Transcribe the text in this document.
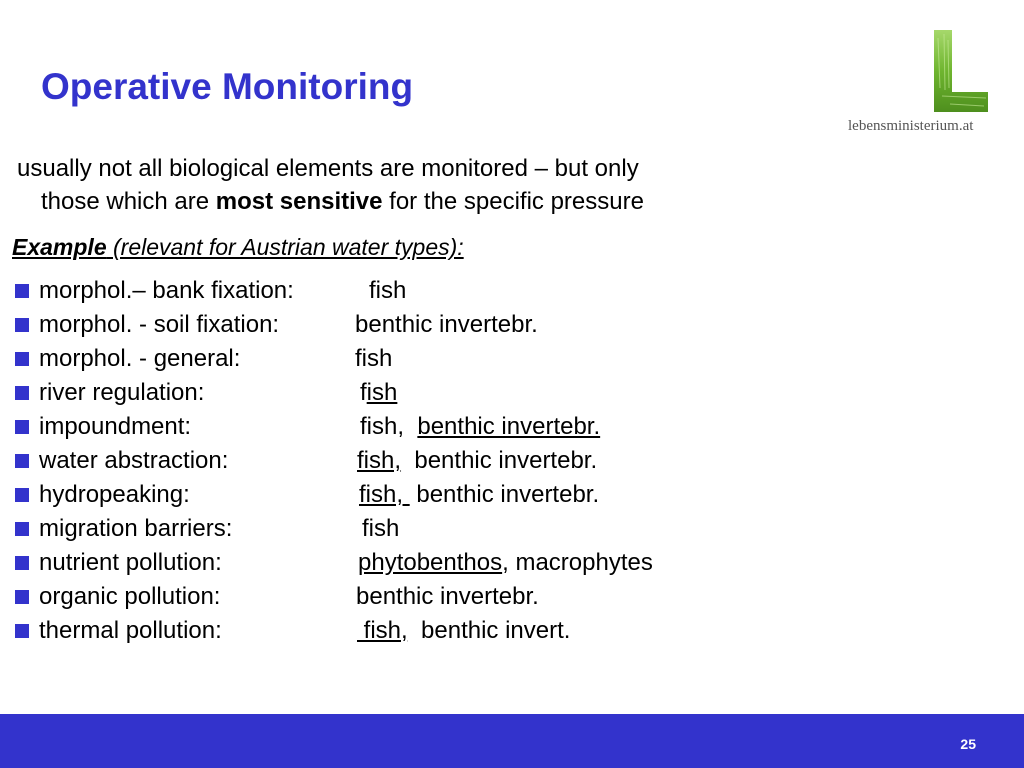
Operative Monitoring
lebensministerium.at
usually not all biological elements are monitored – but only
those which are most sensitive for the specific pressure
Example (relevant for Austrian water types):
morphol.– bank fixation:	fish
morphol. - soil fixation:	benthic invertebr.
morphol. - general:	fish
river regulation:	fish
impoundment:	fish,  benthic invertebr.
water abstraction:	fish,  benthic invertebr.
hydropeaking:	fish,  benthic invertebr.
migration barriers:	fish
nutrient pollution:	phytobenthos, macrophytes
organic pollution:	benthic invertebr.
thermal pollution:	fish,  benthic invert.
25
